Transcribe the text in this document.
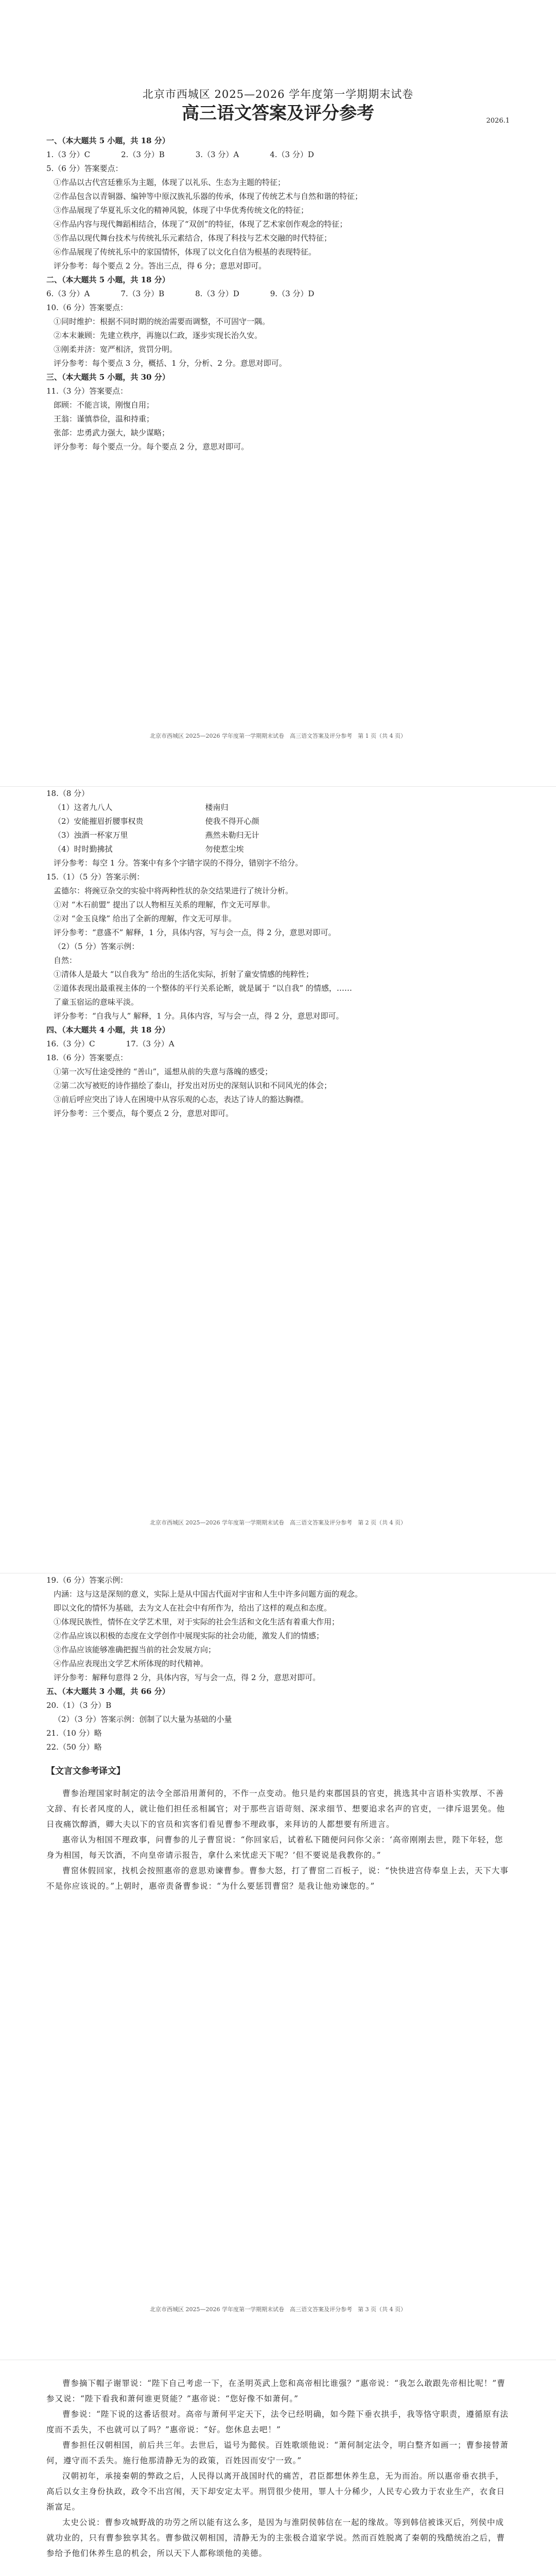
北京市西城区 2025—2026 学年度第一学期期末试卷
高三语文答案及评分参考	2026.1
一、（本大题共 5 小题，共 18 分）
1.（3 分）C　　　　2.（3 分）B　　　　3.（3 分）A　　　　4.（3 分）D
5.（6 分）答案要点：
①作品以古代宫廷雅乐为主题，体现了以礼乐、生态为主题的特征；
②作品包含以青铜器、编钟等中原汉族礼乐器的传承，体现了传统艺术与自然和谐的特征；
③作品展现了华夏礼乐文化的精神风貌，体现了中华优秀传统文化的特征；
④作品内容与现代舞蹈相结合，体现了“双创”的特征，体现了艺术家创作观念的特征；
⑤作品以现代舞台技术与传统礼乐元素结合，体现了科技与艺术交融的时代特征；
⑥作品展现了传统礼乐中的家国情怀，体现了以文化自信为根基的表现特征。
评分参考：每个要点 2 分。答出三点，得 6 分；意思对即可。
二、（本大题共 5 小题，共 18 分）
6.（3 分）A　　　　7.（3 分）B　　　　8.（3 分）D　　　　9.（3 分）D
10.（6 分）答案要点：
①同时维护：根据不同时期的统治需要而调整，不可固守一隅。
②本末兼顾：先建立秩序，再施以仁政，逐步实现长治久安。
③刚柔并济：宽严相济，赏罚分明。
评分参考：每个要点 3 分，概括、1 分，分析、2 分。意思对即可。
三、（本大题共 5 小题，共 30 分）
11.（3 分）答案要点：
郎顾：不能言谈，刚愎自用；
王翁：谨慎恭俭，温和持重；
张郃：忠勇武力强大，缺少谋略；
评分参考：每个要点一分。每个要点 2 分，意思对即可。
北京市西城区 2025—2026 学年度第一学期期末试卷　高三语文答案及评分参考　第 1 页（共 4 页）
18.（8 分）
（1）这者九八人　　　　　　　　　　　　楼南归
（2）安能摧眉折腰事权贵　　　　　　　　使我不得开心颜
（3）浊酒一杯家万里　　　　　　　　　　燕然未勒归无计
（4）时时勤拂拭　　　　　　　　　　　　勿使惹尘埃
评分参考：每空 1 分。答案中有多个字错字误的不得分，错别字不给分。
15.（1）（5 分）答案示例：
孟德尔：将豌豆杂交的实验中将两种性状的杂交结果进行了统计分析。
①对 “木石前盟” 提出了以人物相互关系的理解，作文无可厚非。
②对 “金玉良缘” 给出了全新的理解，作文无可厚非。
评分参考：“意盛不” 解释，1 分，具体内容，写与会一点，得 2 分，意思对即可。
（2）（5 分）答案示例：
自然：
①清体人是最大 “以自我为” 给出的生活化实际，折射了童安情感的纯粹性；
②道体表现出最重视主体的一个整体的平行关系论断，就是属于 “以自我” 的情感，……
了童玉宿运的意味平淡。
评分参考：“自我与人” 解释，1 分。具体内容，写与会一点，得 2 分，意思对即可。
四、（本大题共 4 小题，共 18 分）
16.（3 分）C　　　　17.（3 分）A
18.（6 分）答案要点：
①第一次写仕途受挫的 “善山”，遥想从前的失意与落魄的感受；
②第二次写被贬的诗作描绘了泰山，抒发出对历史的深刻认识和不同风光的体会；
③前后呼应突出了诗人在困境中从容乐观的心态，表达了诗人的豁达胸襟。
评分参考：三个要点，每个要点 2 分，意思对即可。
北京市西城区 2025—2026 学年度第一学期期末试卷　高三语文答案及评分参考　第 2 页（共 4 页）
19.（6 分）答案示例：
内涵：这与这是深刻的意义，实际上是从中国古代面对宇宙和人生中许多问题方面的观念。
即以文化的情怀为基础，去为文人在社会中有所作为，给出了这样的观点和态度。
①体现民族性，情怀在文学艺术里，对于实际的社会生活和文化生活有着重大作用；
②作品应该以积极的态度在文学创作中展现实际的社会功能，激发人们的情感；
③作品应该能够准确把握当前的社会发展方向；
④作品应表现出文学艺术所体现的时代精神。
评分参考：解释句意得 2 分，具体内容，写与会一点，得 2 分，意思对即可。
五、（本大题共 3 小题，共 66 分）
20.（1）（3 分）B
（2）（3 分）答案示例：创制了以大量为基础的小量
21.（10 分）略
22.（50 分）略
【文言文参考译文】
曹参治理国家时制定的法令全部沿用萧何的，不作一点变动。他只是约束郡国县的官吏，挑选其中言语朴实敦厚、不善文辞、有长者风度的人，就让他们担任丞相属官；对于那些言语苛刻、深求细节、想要追求名声的官吏，一律斥退罢免。他日夜痛饮醇酒，卿大夫以下的官员和宾客们看见曹参不理政事，来拜访的人都想要有所进言。
惠帝认为相国不理政事，问曹参的儿子曹窋说：“你回家后，试着私下随便问问你父亲：‘高帝刚刚去世，陛下年轻，您身为相国，每天饮酒，不向皇帝请示报告，拿什么来忧虑天下呢？’但不要说是我教你的。”
曹窋休假回家，找机会按照惠帝的意思劝谏曹参。曹参大怒，打了曹窋二百板子，说：“快快进宫侍奉皇上去，天下大事不是你应该说的。”上朝时，惠帝责备曹参说：“为什么要惩罚曹窋？是我让他劝谏您的。”
北京市西城区 2025—2026 学年度第一学期期末试卷　高三语文答案及评分参考　第 3 页（共 4 页）
曹参摘下帽子谢罪说：“陛下自己考虑一下，在圣明英武上您和高帝相比谁强？”惠帝说：“我怎么敢跟先帝相比呢！”曹参又说：“陛下看我和萧何谁更贤能？”惠帝说：“您好像不如萧何。”
曹参说：“陛下说的这番话很对。高帝与萧何平定天下，法令已经明确，如今陛下垂衣拱手，我等恪守职责，遵循原有法度而不丢失，不也就可以了吗？”惠帝说：“好。您休息去吧！”
曹参担任汉朝相国，前后共三年。去世后，谥号为懿侯。百姓歌颂他说：“萧何制定法令，明白整齐如画一；曹参接替萧何，遵守而不丢失。施行他那清静无为的政策，百姓因而安宁一致。”
汉朝初年，承接秦朝的弊政之后，人民得以离开战国时代的痛苦，君臣都想休养生息，无为而治。所以惠帝垂衣拱手，高后以女主身份执政，政令不出宫闱，天下却安定太平。刑罚很少使用，罪人十分稀少，人民专心致力于农业生产，衣食日渐富足。
太史公说：曹参攻城野战的功劳之所以能有这么多，是因为与淮阴侯韩信在一起的缘故。等到韩信被诛灭后，列侯中成就功业的，只有曹参独享其名。曹参做汉朝相国，清静无为的主张极合道家学说。然而百姓脱离了秦朝的残酷统治之后，曹参给予他们休养生息的机会，所以天下人都称颂他的美德。
